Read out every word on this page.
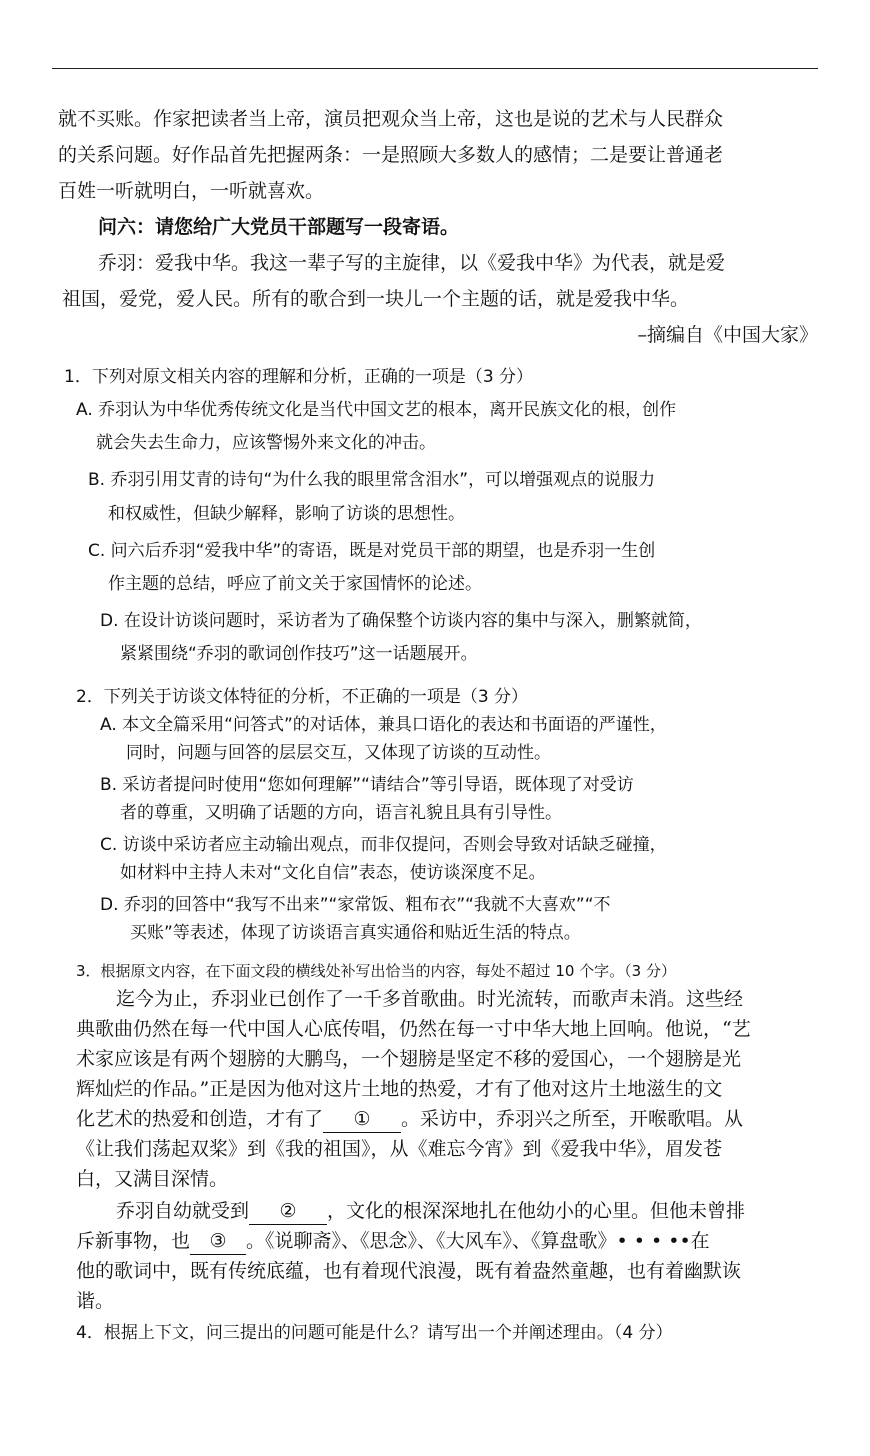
就不买账。作家把读者当上帝，演员把观众当上帝，这也是说的艺术与人民群众
的关系问题。好作品首先把握两条：一是照顾大多数人的感情；二是要让普通老
百姓一听就明白，一听就喜欢。
问六：请您给广大党员干部题写一段寄语。
乔羽：爱我中华。我这一辈子写的主旋律，以《爱我中华》为代表，就是爱
祖国，爱党，爱人民。所有的歌合到一块儿一个主题的话，就是爱我中华。
–摘编自《中国大家》
1．下列对原文相关内容的理解和分析，正确的一项是（3 分）
A. 乔羽认为中华优秀传统文化是当代中国文艺的根本，离开民族文化的根，创作
就会失去生命力，应该警惕外来文化的冲击。
B. 乔羽引用艾青的诗句“为什么我的眼里常含泪水”，可以增强观点的说服力
和权威性，但缺少解释，影响了访谈的思想性。
C. 问六后乔羽“爱我中华”的寄语，既是对党员干部的期望，也是乔羽一生创
作主题的总结，呼应了前文关于家国情怀的论述。
D. 在设计访谈问题时，采访者为了确保整个访谈内容的集中与深入，删繁就简，
紧紧围绕“乔羽的歌词创作技巧”这一话题展开。
2．下列关于访谈文体特征的分析，不正确的一项是（3 分）
A. 本文全篇采用“问答式”的对话体，兼具口语化的表达和书面语的严谨性，
同时，问题与回答的层层交互，又体现了访谈的互动性。
B. 采访者提问时使用“您如何理解”“请结合”等引导语，既体现了对受访
者的尊重，又明确了话题的方向，语言礼貌且具有引导性。
C. 访谈中采访者应主动输出观点，而非仅提问，否则会导致对话缺乏碰撞，
如材料中主持人未对“文化自信”表态，使访谈深度不足。
D. 乔羽的回答中“我写不出来”“家常饭、粗布衣”“我就不大喜欢”“不
买账”等表述，体现了访谈语言真实通俗和贴近生活的特点。
3．根据原文内容，在下面文段的横线处补写出恰当的内容，每处不超过 10 个字。（3 分）
迄今为止，乔羽业已创作了一千多首歌曲。时光流转，而歌声未消。这些经
典歌曲仍然在每一代中国人心底传唱，仍然在每一寸中华大地上回响。他说，“艺
术家应该是有两个翅膀的大鹏鸟，一个翅膀是坚定不移的爱国心，一个翅膀是光
辉灿烂的作品。”正是因为他对这片土地的热爱，才有了他对这片土地滋生的文
化艺术的热爱和创造，才有了 ① 。采访中，乔羽兴之所至，开喉歌唱。从
《让我们荡起双桨》到《我的祖国》，从《难忘今宵》到《爱我中华》，眉发苍
白，又满目深情。
乔羽自幼就受到 ② ，文化的根深深地扎在他幼小的心里。但他未曾排
斥新事物，也 ③ 。《说聊斋》、《思念》、《大风车》、《算盘歌》• • • ••在
他的歌词中，既有传统底蕴，也有着现代浪漫，既有着盎然童趣，也有着幽默诙
谐。
4．根据上下文，问三提出的问题可能是什么？请写出一个并阐述理由。（4 分）
